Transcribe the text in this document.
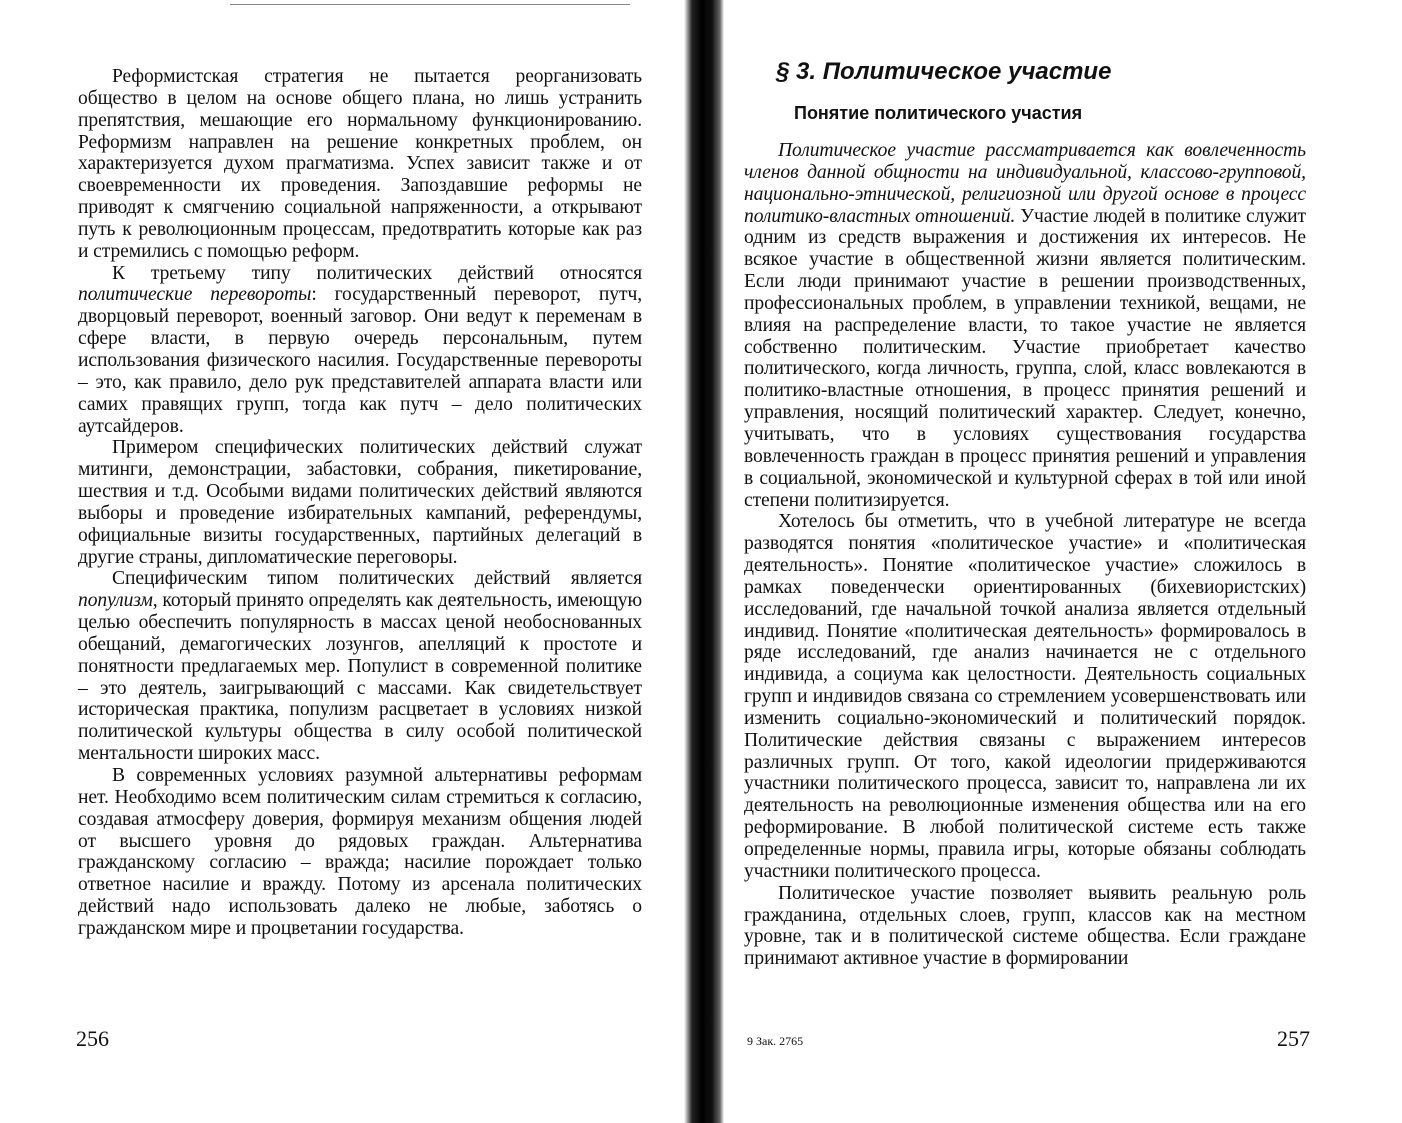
Реформистская стратегия не пытается реорганизовать общество в целом на основе общего плана, но лишь устранить препятствия, мешающие его нормальному функционированию. Реформизм направлен на решение конкретных проблем, он характеризуется духом прагматизма. Успех зависит также и от своевременности их проведения. Запоздавшие реформы не приводят к смягчению социальной напряженности, а открывают путь к революционным процессам, предотвратить которые как раз и стремились с помощью реформ.

К третьему типу политических действий относятся политические перевороты: государственный переворот, путч, дворцовый переворот, военный заговор. Они ведут к переменам в сфере власти, в первую очередь персональным, путем использования физического насилия. Государственные перевороты – это, как правило, дело рук представителей аппарата власти или самих правящих групп, тогда как путч – дело политических аутсайдеров.

Примером специфических политических действий служат митинги, демонстрации, забастовки, собрания, пикетирование, шествия и т.д. Особыми видами политических действий являются выборы и проведение избирательных кампаний, референдумы, официальные визиты государственных, партийных делегаций в другие страны, дипломатические переговоры.

Специфическим типом политических действий является популизм, который принято определять как деятельность, имеющую целью обеспечить популярность в массах ценой необоснованных обещаний, демагогических лозунгов, апелляций к простоте и понятности предлагаемых мер. Популист в современной политике – это деятель, заигрывающий с массами. Как свидетельствует историческая практика, популизм расцветает в условиях низкой политической культуры общества в силу особой политической ментальности широких масс.

В современных условиях разумной альтернативы реформам нет. Необходимо всем политическим силам стремиться к согласию, создавая атмосферу доверия, формируя механизм общения людей от высшего уровня до рядовых граждан. Альтернатива гражданскому согласию – вражда; насилие порождает только ответное насилие и вражду. Потому из арсенала политических действий надо использовать далеко не любые, заботясь о гражданском мире и процветании государства.

256
§ 3. Политическое участие
Понятие политического участия

Политическое участие рассматривается как вовлеченность членов данной общности на индивидуальной, классово-групповой, национально-этнической, религиозной или другой основе в процесс политико-властных отношений. Участие людей в политике служит одним из средств выражения и достижения их интересов. Не всякое участие в общественной жизни является политическим. Если люди принимают участие в решении производственных, профессиональных проблем, в управлении техникой, вещами, не влияя на распределение власти, то такое участие не является собственно политическим. Участие приобретает качество политического, когда личность, группа, слой, класс вовлекаются в политико-властные отношения, в процесс принятия решений и управления, носящий политический характер. Следует, конечно, учитывать, что в условиях существования государства вовлеченность граждан в процесс принятия решений и управления в социальной, экономической и культурной сферах в той или иной степени политизируется.

Хотелось бы отметить, что в учебной литературе не всегда разводятся понятия «политическое участие» и «политическая деятельность». Понятие «политическое участие» сложилось в рамках поведенчески ориентированных (бихевиористских) исследований, где начальной точкой анализа является отдельный индивид. Понятие «политическая деятельность» формировалось в ряде исследований, где анализ начинается не с отдельного индивида, а социума как целостности. Деятельность социальных групп и индивидов связана со стремлением усовершенствовать или изменить социально-экономический и политический порядок. Политические действия связаны с выражением интересов различных групп. От того, какой идеологии придерживаются участники политического процесса, зависит то, направлена ли их деятельность на революционные изменения общества или на его реформирование. В любой политической системе есть также определенные нормы, правила игры, которые обязаны соблюдать участники политического процесса.

Политическое участие позволяет выявить реальную роль гражданина, отдельных слоев, групп, классов как на местном уровне, так и в политической системе общества. Если граждане принимают активное участие в формировании

9 Зак. 2765	257
